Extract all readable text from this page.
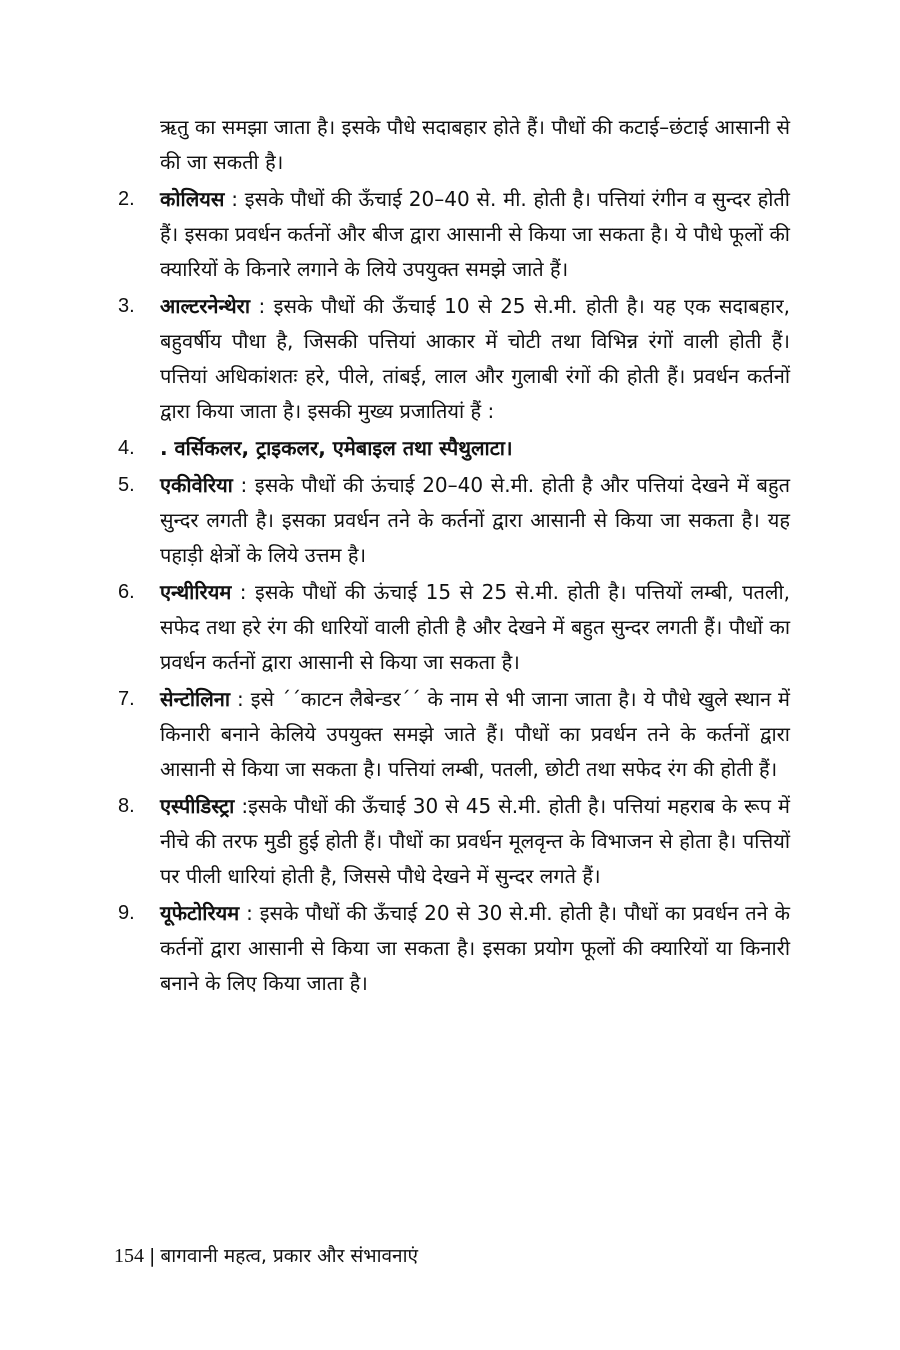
ऋतु का समझा जाता है। इसके पौधे सदाबहार होते हैं। पौधों की कटाई–छंटाई आसानी से की जा सकती है।

2.	कोलियस : इसके पौधों की ऊँचाई 20–40 से. मी. होती है। पत्तियां रंगीन व सुन्दर होती हैं। इसका प्रवर्धन कर्तनों और बीज द्वारा आसानी से किया जा सकता है। ये पौधे फूलों की क्यारियों के किनारे लगाने के लिये उपयुक्त समझे जाते हैं।
3.	आल्टरनेन्थेरा : इसके पौधों की ऊँचाई 10 से 25 से.मी. होती है। यह एक सदाबहार, बहुवर्षीय पौधा है, जिसकी पत्तियां आकार में चोटी तथा विभिन्न रंगों वाली होती हैं। पत्तियां अधिकांशतः हरे, पीले, तांबई, लाल और गुलाबी रंगों की होती हैं। प्रवर्धन कर्तनों द्वारा किया जाता है। इसकी मुख्य प्रजातियां हैं :
4.	. वर्सिकलर, ट्राइकलर, एमेबाइल तथा स्पैथुलाटा।
5.	एकीवेरिया : इसके पौधों की ऊंचाई 20–40 से.मी. होती है और पत्तियां देखने में बहुत सुन्दर लगती है। इसका प्रवर्धन तने के कर्तनों द्वारा आसानी से किया जा सकता है। यह पहाड़ी क्षेत्रों के लिये उत्तम है।
6.	एन्थीरियम : इसके पौधों की ऊंचाई 15 से 25 से.मी. होती है। पत्तियों लम्बी, पतली, सफेद तथा हरे रंग की धारियों वाली होती है और देखने में बहुत सुन्दर लगती हैं। पौधों का प्रवर्धन कर्तनों द्वारा आसानी से किया जा सकता है।
7.	सेन्टोलिना : इसे ´´काटन लैबेन्डर´´ के नाम से भी जाना जाता है। ये पौधे खुले स्थान में किनारी बनाने केलिये उपयुक्त समझे जाते हैं। पौधों का प्रवर्धन तने के कर्तनों द्वारा आसानी से किया जा सकता है। पत्तियां लम्बी, पतली, छोटी तथा सफेद रंग की होती हैं।
8.	एस्पीडिस्ट्रा :इसके पौधों की ऊँचाई 30 से 45 से.मी. होती है। पत्तियां महराब के रूप में नीचे की तरफ मुडी हुई होती हैं। पौधों का प्रवर्धन मूलवृन्त के विभाजन से होता है। पत्तियों पर पीली धारियां होती है, जिससे पौधे देखने में सुन्दर लगते हैं।
9.	यूफेटोरियम : इसके पौधों की ऊँचाई 20 से 30 से.मी. होती है। पौधों का प्रवर्धन तने के कर्तनों द्वारा आसानी से किया जा सकता है। इसका प्रयोग फूलों की क्यारियों या किनारी बनाने के लिए किया जाता है।
154 | बागवानी महत्व, प्रकार और संभावनाएं
